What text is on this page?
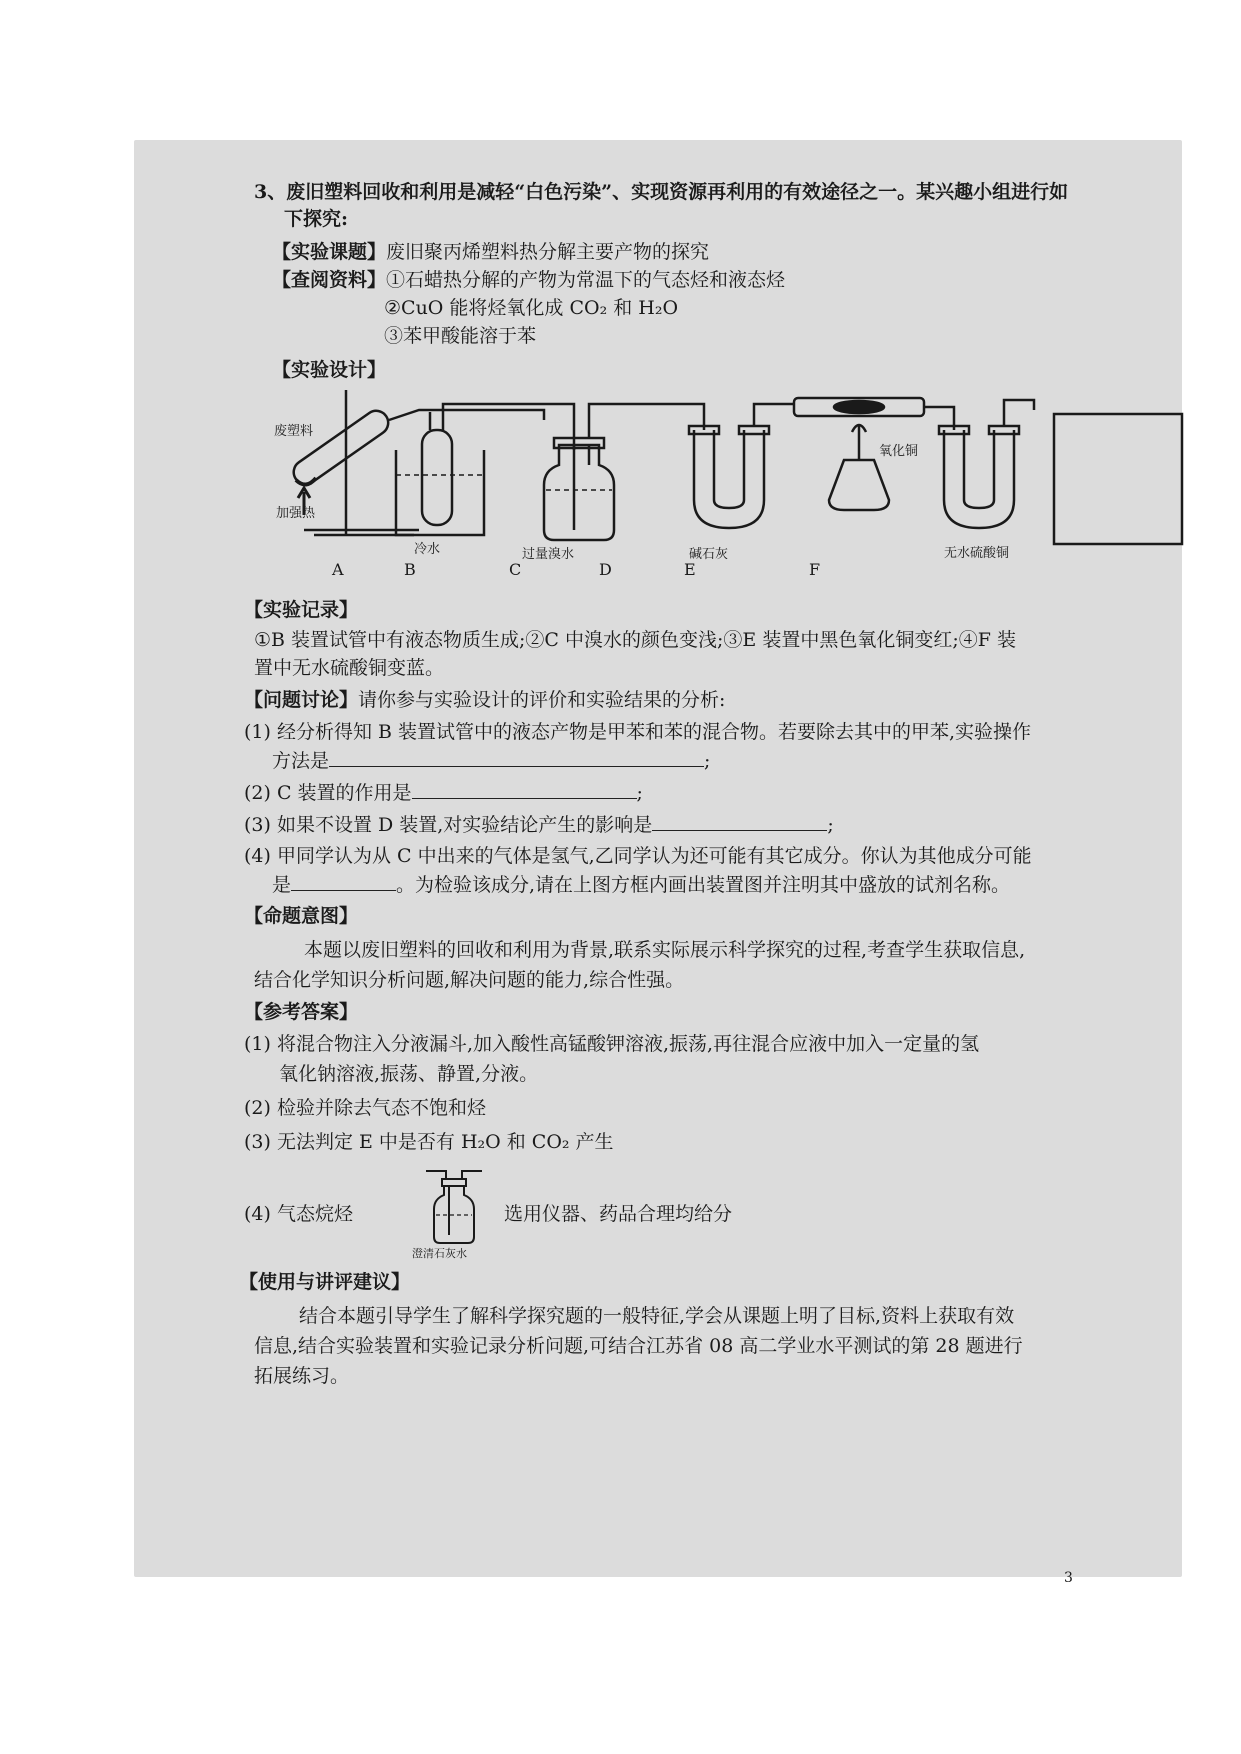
3、废旧塑料回收和利用是减轻“白色污染”、实现资源再利用的有效途径之一。某兴趣小组进行如
下探究:
【实验课题】废旧聚丙烯塑料热分解主要产物的探究
【查阅资料】①石蜡热分解的产物为常温下的气态烃和液态烃
②CuO 能将烃氧化成 CO₂ 和 H₂O
③苯甲酸能溶于苯
【实验设计】
废塑料
加强热
冷水	过量溴水	碱石灰
氧化铜
无水硫酸铜
A	B	C	D	E	F
【实验记录】
①B 装置试管中有液态物质生成;②C 中溴水的颜色变浅;③E 装置中黑色氧化铜变红;④F 装
置中无水硫酸铜变蓝。
【问题讨论】请你参与实验设计的评价和实验结果的分析:
(1) 经分析得知 B 装置试管中的液态产物是甲苯和苯的混合物。若要除去其中的甲苯,实验操作
方法是	;
(2) C 装置的作用是	;
(3) 如果不设置 D 装置,对实验结论产生的影响是	;
(4) 甲同学认为从 C 中出来的气体是氢气,乙同学认为还可能有其它成分。你认为其他成分可能
是	。为检验该成分,请在上图方框内画出装置图并注明其中盛放的试剂名称。
【命题意图】
本题以废旧塑料的回收和利用为背景,联系实际展示科学探究的过程,考查学生获取信息,
结合化学知识分析问题,解决问题的能力,综合性强。
【参考答案】
(1) 将混合物注入分液漏斗,加入酸性高锰酸钾溶液,振荡,再往混合应液中加入一定量的氢
氧化钠溶液,振荡、静置,分液。
(2) 检验并除去气态不饱和烃
(3) 无法判定 E 中是否有 H₂O 和 CO₂ 产生
(4) 气态烷烃	选用仪器、药品合理均给分
澄清石灰水
【使用与讲评建议】
结合本题引导学生了解科学探究题的一般特征,学会从课题上明了目标,资料上获取有效
信息,结合实验装置和实验记录分析问题,可结合江苏省 08 高二学业水平测试的第 28 题进行
拓展练习。
3
